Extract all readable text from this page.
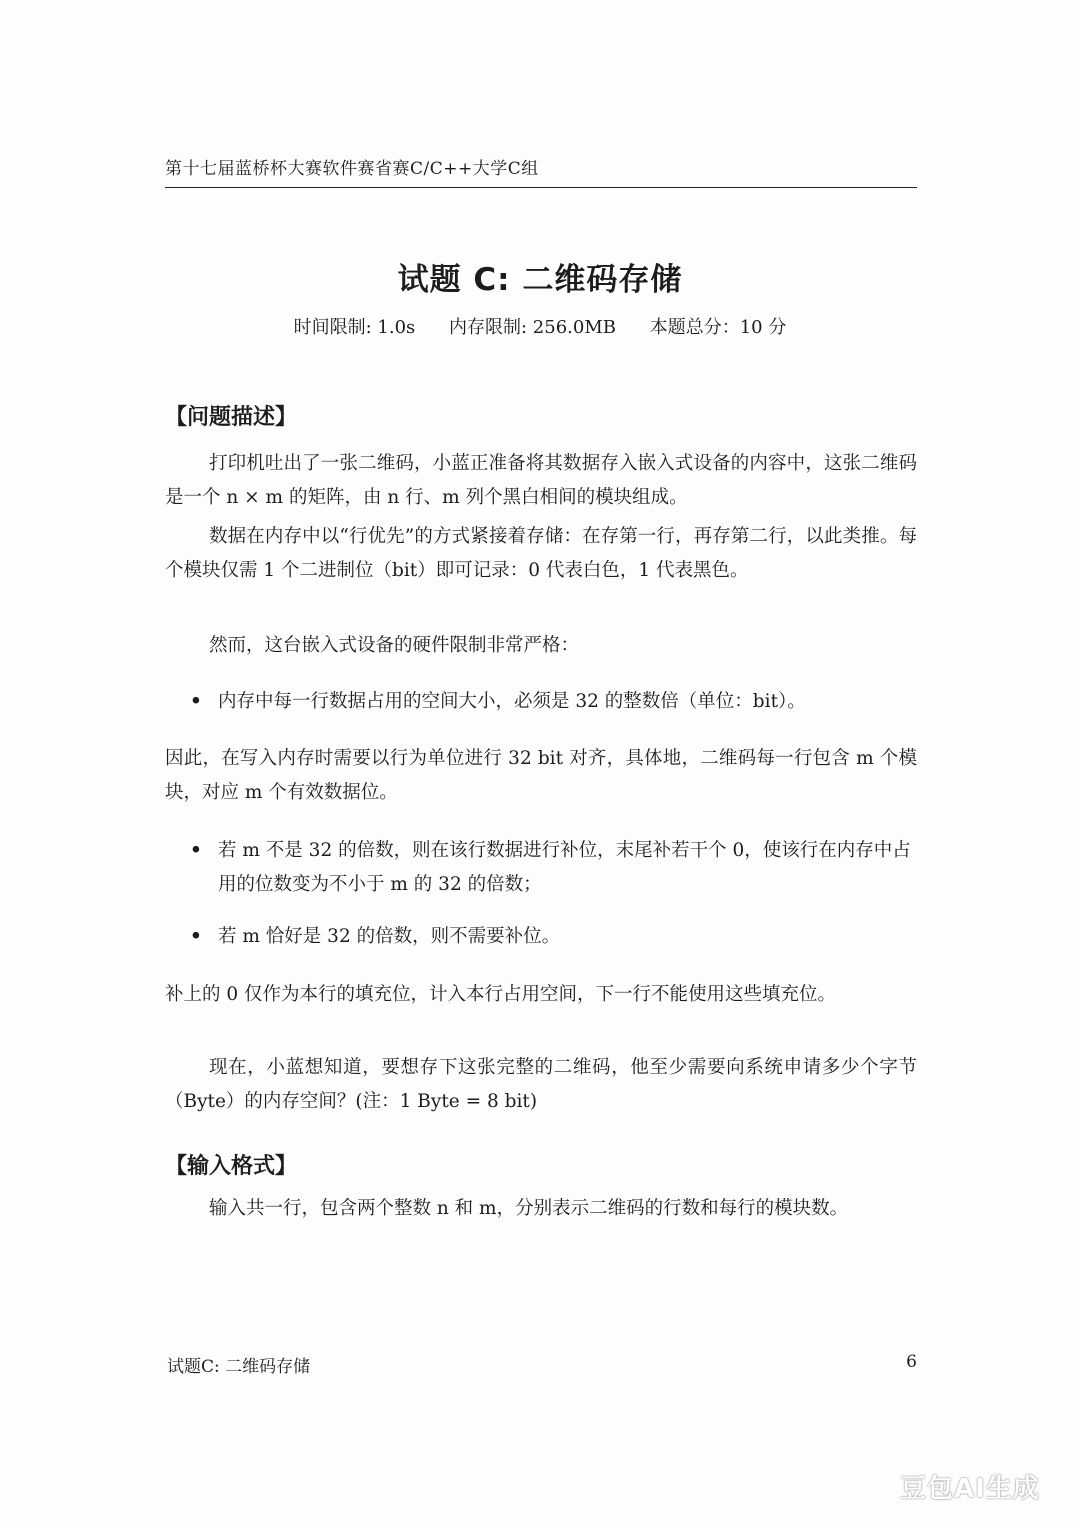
第十七届蓝桥杯大赛软件赛省赛C/C++大学C组
试题 C: 二维码存储
时间限制: 1.0s 内存限制: 256.0MB 本题总分：10 分
【问题描述】
打印机吐出了一张二维码，小蓝正准备将其数据存入嵌入式设备的内容中，这张二维码是一个 n × m 的矩阵，由 n 行、m 列个黑白相间的模块组成。
数据在内存中以“行优先”的方式紧接着存储：在存第一行，再存第二行，以此类推。每个模块仅需 1 个二进制位（bit）即可记录：0 代表白色，1 代表黑色。
然而，这台嵌入式设备的硬件限制非常严格：
• 内存中每一行数据占用的空间大小，必须是 32 的整数倍（单位：bit）。
因此，在写入内存时需要以行为单位进行 32 bit 对齐，具体地，二维码每一行包含 m 个模块，对应 m 个有效数据位。
• 若 m 不是 32 的倍数，则在该行数据进行补位，末尾补若干个 0，使该行在内存中占用的位数变为不小于 m 的 32 的倍数；
• 若 m 恰好是 32 的倍数，则不需要补位。
补上的 0 仅作为本行的填充位，计入本行占用空间，下一行不能使用这些填充位。
现在，小蓝想知道，要想存下这张完整的二维码，他至少需要向系统申请多少个字节（Byte）的内存空间？(注：1 Byte = 8 bit)
【输入格式】
输入共一行，包含两个整数 n 和 m，分别表示二维码的行数和每行的模块数。
试题C: 二维码存储	6
豆包AI生成
